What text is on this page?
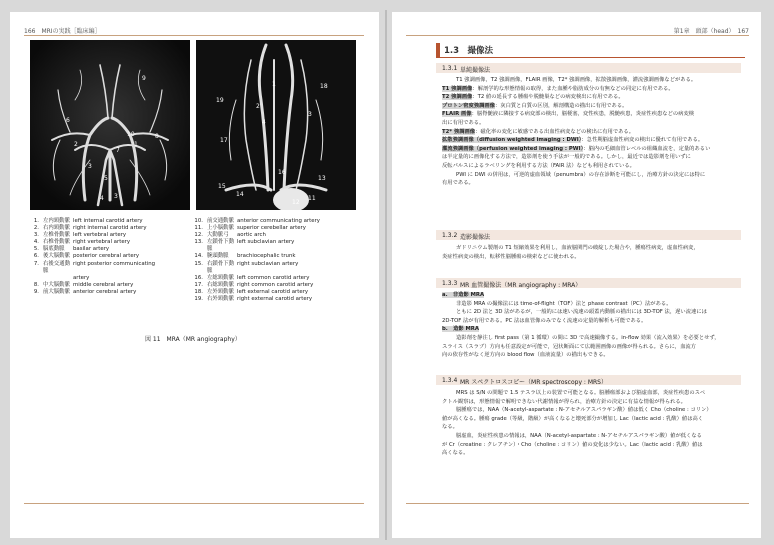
166　MRIの実践［臨床編］
9
6
10	8
2	1
7
3
5
3
4
19
1
2
18
3
4
17
15
16
14
13
12
11
1. 左内頸動脈 left internal carotid artery
2. 右内頸動脈 right internal carotid artery
3. 左椎骨動脈 left vertebral artery
4. 右椎骨動脈 right vertebral artery
5. 脳底動脈	basilar artery
6. 後大脳動脈 posterior cerebral artery
7. 右後交通動脈
right posterior communicating
artery
8. 中大脳動脈 middle cerebral artery
9. 前大脳動脈 anterior cerebral artery
10. 前交通動脈 anterior communicating artery
11. 上小脳動脈 superior cerebellar artery
12. 大動脈弓	aortic arch
13. 左鎖骨下動脈
left subclavian artery
14. 腕頭動脈	brachiocephalic trunk
15. 右鎖骨下動脈
right subclavian artery
16. 左総頸動脈 left common carotid artery
17. 右総頸動脈 right common carotid artery
18. 左外頸動脈 left external carotid artery
19. 右外頸動脈 right external carotid artery
図 11　MRA（MR angiography）
第1章　頭部（head）　167
1.3　撮像法
1.3.1 単純撮像法

T1 強調画像，T2 強調画像，FLAIR 画像，T2* 強調画像，拡散強調画像，灌流強調画像などがある。

T1 強調画像：解剖学的な形態情報の取得，また血腫や脂肪成分の有無などの同定に有用である。

T2 強調画像：T2 値の延長する腫瘍や脱髄巣などの病変検出に有用である。

プロトン密度強調画像：灰白質と白質の区別，解剖構造の描出に有用である。

FLAIR 画像：脳脊髄液に隣接する病変部の検出，脳梗塞，変性疾患，脱髄疾患，炎症性疾患などの病変検

出に有用である。

T2* 強調画像：磁化率の変化に敏感である出血性病変などの検出に有用である。

拡散強調画像（diffusion weighted imaging : DWI）：急性期脳虚血性病変の検出に優れて有用である。

灌流強調画像（perfusion weighted imaging : PWI）：脳内の毛細血管レベルの組織血流を，定量的あるい

は半定量的に画像化する方法で，造影剤を使う手法が一般的である。しかし，最近では造影剤を用いずに

反転パルスによるラベリングを利用する方法（FAIR 法）なども利用されている。

PWI に DWI の併用は，可逆的虚血領域（penumbra）の存在診断を可能にし，治療方針の決定には特に

有用である。

1.3.2 造影撮像法

ガドリニウム製剤の T1 短縮効果を利用し，血液脳関門の破綻した場合や，腫瘍性病変，虚血性病変，

炎症性病変の検出，転移性脳腫瘍の検索などに使われる。

1.3.3 MR 血管撮像法（MR angiography : MRA）

a.　非造影 MRA

非造影 MRA の撮像法には time-of-flight（TOF）法と phase contrast（PC）法がある。

ともに 2D 法と 3D 法があるが，一般的には速い流速の頭蓋内動脈の描出には 3D-TOF 法，遅い流速には

2D-TOF 法が有用である。PC 法は血管像のみでなく流速の定量的解析も可能である。

b.　造影 MRA

造影剤を静注し first pass（第 1 循環）の間に 3D で高速撮像する。in-flow 効果（流入効果）を必要とせず，

スライス（スラブ）方向も任意設定が可能で，冠状断面にて広範囲画像の画像が得られる。さらに，血流方

向の依存性がなく逆方向の blood flow（血液流量）の描出もできる。

1.3.4 MR スペクトロスコピー（MR spectroscopy : MRS）

MRS は S/N の問題で 1.5 テスラ以上の装置で可能となる。脳腫瘍部および脳虚血部，炎症性疾患のスペ

クトル観察は，形態情報で解明できない代謝情報が得られ，治療方針の決定に有益な情報が得られる。

脳腫瘍では，NAA（N-acetyl-aspartate : N-アセチルアスパラギン酸）値は低く Cho（choline : コリン）

値が高くなる。腫瘍 grade（等級，階級）が高くなると壊死部分が増加し Lac（lactic acid : 乳酸）値は高く

なる。

脳虚血，炎症性疾患の情報は，NAA（N-acetyl-aspartate : N-アセチルアスパラギン酸）値が低くなる

が Cr（creatine : クレアチン）・Cho（choline : コリン）値の変化は少ない。Lac（lactic acid : 乳酸）値は

高くなる。
